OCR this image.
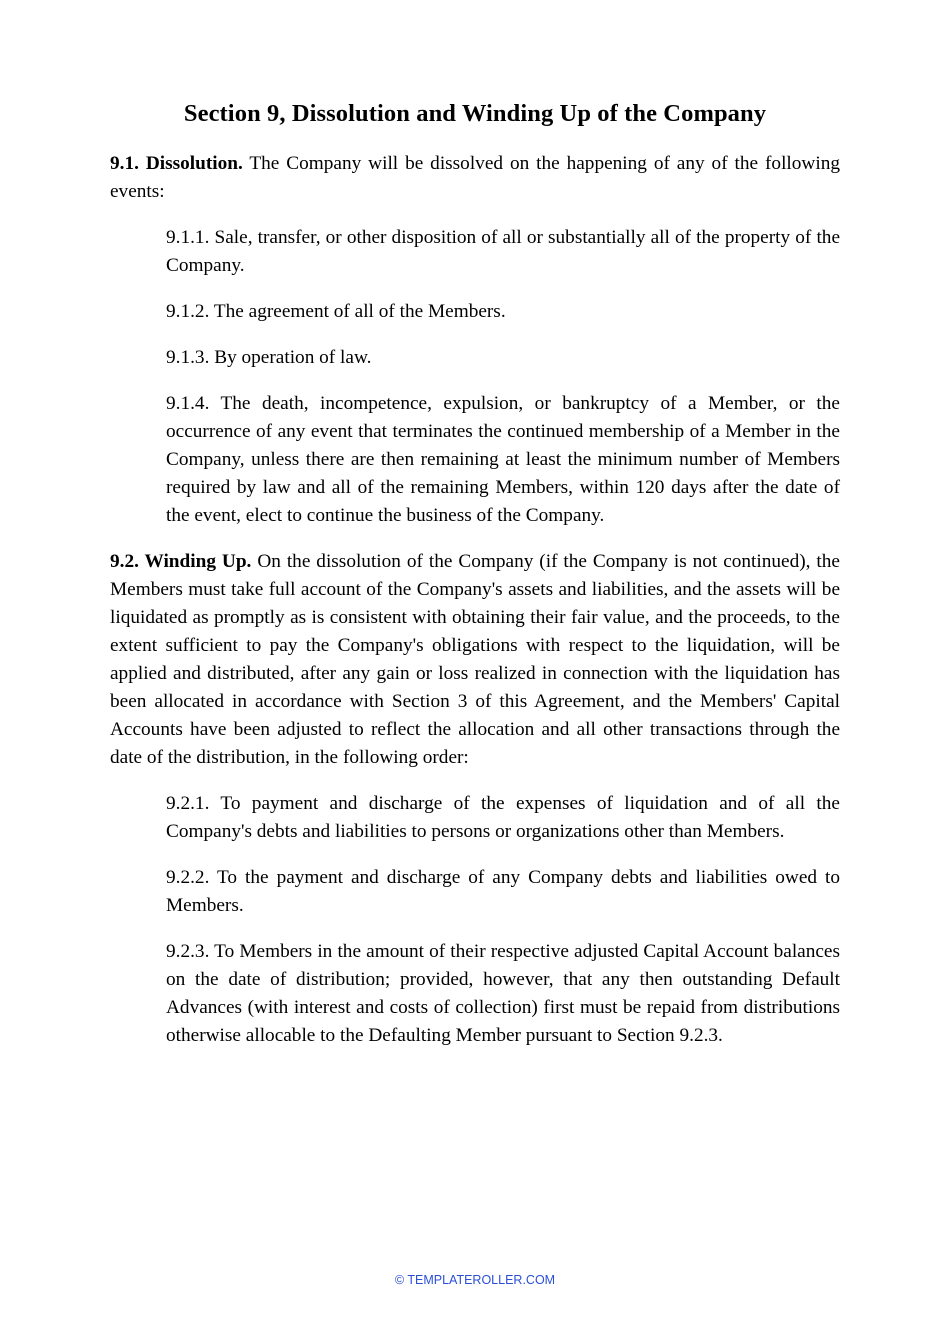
Section 9, Dissolution and Winding Up of the Company

9.1. Dissolution. The Company will be dissolved on the happening of any of the following events:

9.1.1. Sale, transfer, or other disposition of all or substantially all of the property of the Company.

9.1.2. The agreement of all of the Members.

9.1.3. By operation of law.

9.1.4. The death, incompetence, expulsion, or bankruptcy of a Member, or the occurrence of any event that terminates the continued membership of a Member in the Company, unless there are then remaining at least the minimum number of Members required by law and all of the remaining Members, within 120 days after the date of the event, elect to continue the business of the Company.

9.2. Winding Up. On the dissolution of the Company (if the Company is not continued), the Members must take full account of the Company's assets and liabilities, and the assets will be liquidated as promptly as is consistent with obtaining their fair value, and the proceeds, to the extent sufficient to pay the Company's obligations with respect to the liquidation, will be applied and distributed, after any gain or loss realized in connection with the liquidation has been allocated in accordance with Section 3 of this Agreement, and the Members' Capital Accounts have been adjusted to reflect the allocation and all other transactions through the date of the distribution, in the following order:

9.2.1. To payment and discharge of the expenses of liquidation and of all the Company's debts and liabilities to persons or organizations other than Members.

9.2.2. To the payment and discharge of any Company debts and liabilities owed to Members.

9.2.3. To Members in the amount of their respective adjusted Capital Account balances on the date of distribution; provided, however, that any then outstanding Default Advances (with interest and costs of collection) first must be repaid from distributions otherwise allocable to the Defaulting Member pursuant to Section 9.2.3.

© TEMPLATEROLLER.COM
